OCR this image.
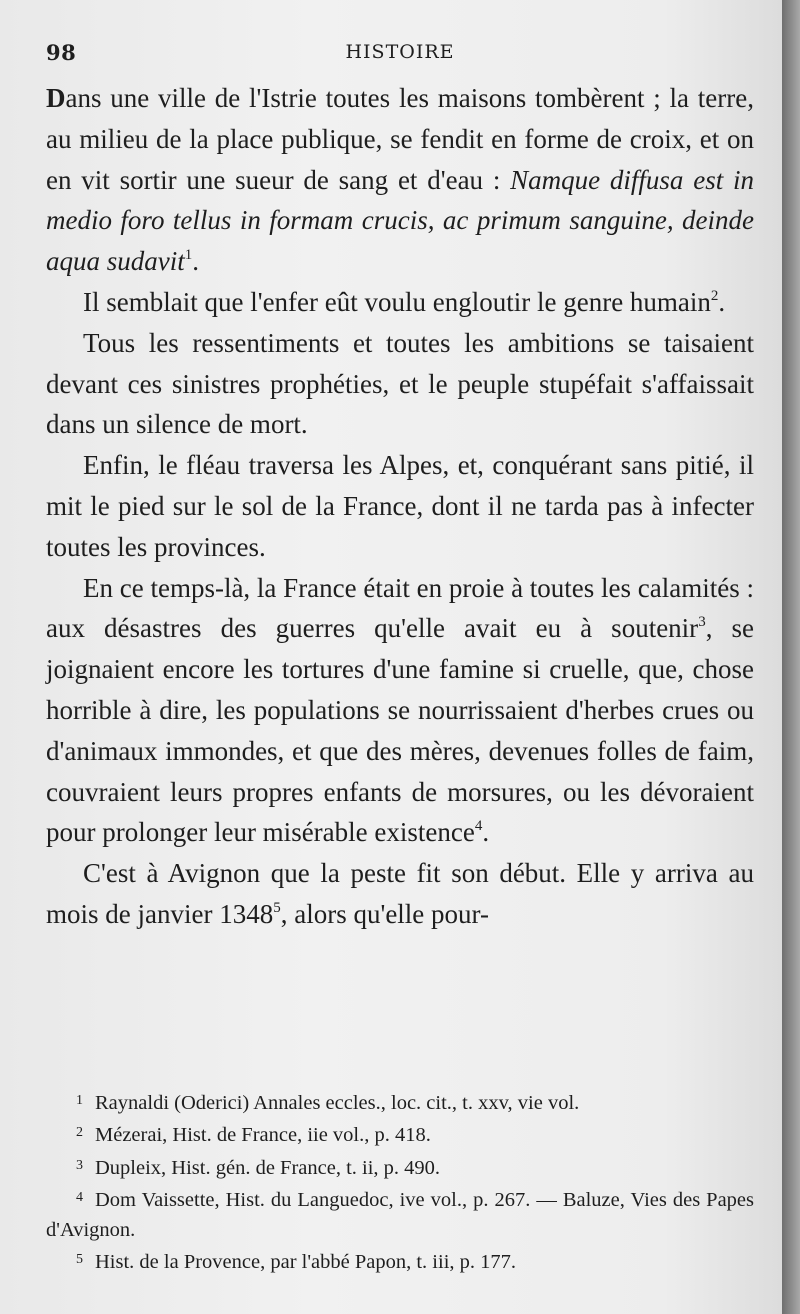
98	HISTOIRE

Dans une ville de l'Istrie toutes les maisons tombèrent ; la terre, au milieu de la place publique, se fendit en forme de croix, et on en vit sortir une sueur de sang et d'eau : Namque diffusa est in medio foro tellus in formam crucis, ac primum sanguine, deinde aqua sudavit$^1$.

Il semblait que l'enfer eût voulu engloutir le genre humain$^2$.

Tous les ressentiments et toutes les ambitions se taisaient devant ces sinistres prophéties, et le peuple stupéfait s'affaissait dans un silence de mort.

Enfin, le fléau traversa les Alpes, et, conquérant sans pitié, il mit le pied sur le sol de la France, dont il ne tarda pas à infecter toutes les provinces.

En ce temps-là, la France était en proie à toutes les calamités : aux désastres des guerres qu'elle avait eu à soutenir$^3$, se joignaient encore les tortures d'une famine si cruelle, que, chose horrible à dire, les populations se nourrissaient d'herbes crues ou d'animaux immondes, et que des mères, devenues folles de faim, couvraient leurs propres enfants de morsures, ou les dévoraient pour prolonger leur misérable existence$^4$.

C'est à Avignon que la peste fit son début. Elle y arriva au mois de janvier 1348$^5$, alors qu'elle pour-

1 Raynaldi (Oderici) Annales eccles., loc. cit., t. xxv, vie vol.
2 Mézerai, Hist. de France, iie vol., p. 418.
3 Dupleix, Hist. gén. de France, t. ii, p. 490.
4 Dom Vaissette, Hist. du Languedoc, ive vol., p. 267. — Baluze, Vies des Papes d'Avignon.
5 Hist. de la Provence, par l'abbé Papon, t. iii, p. 177.
